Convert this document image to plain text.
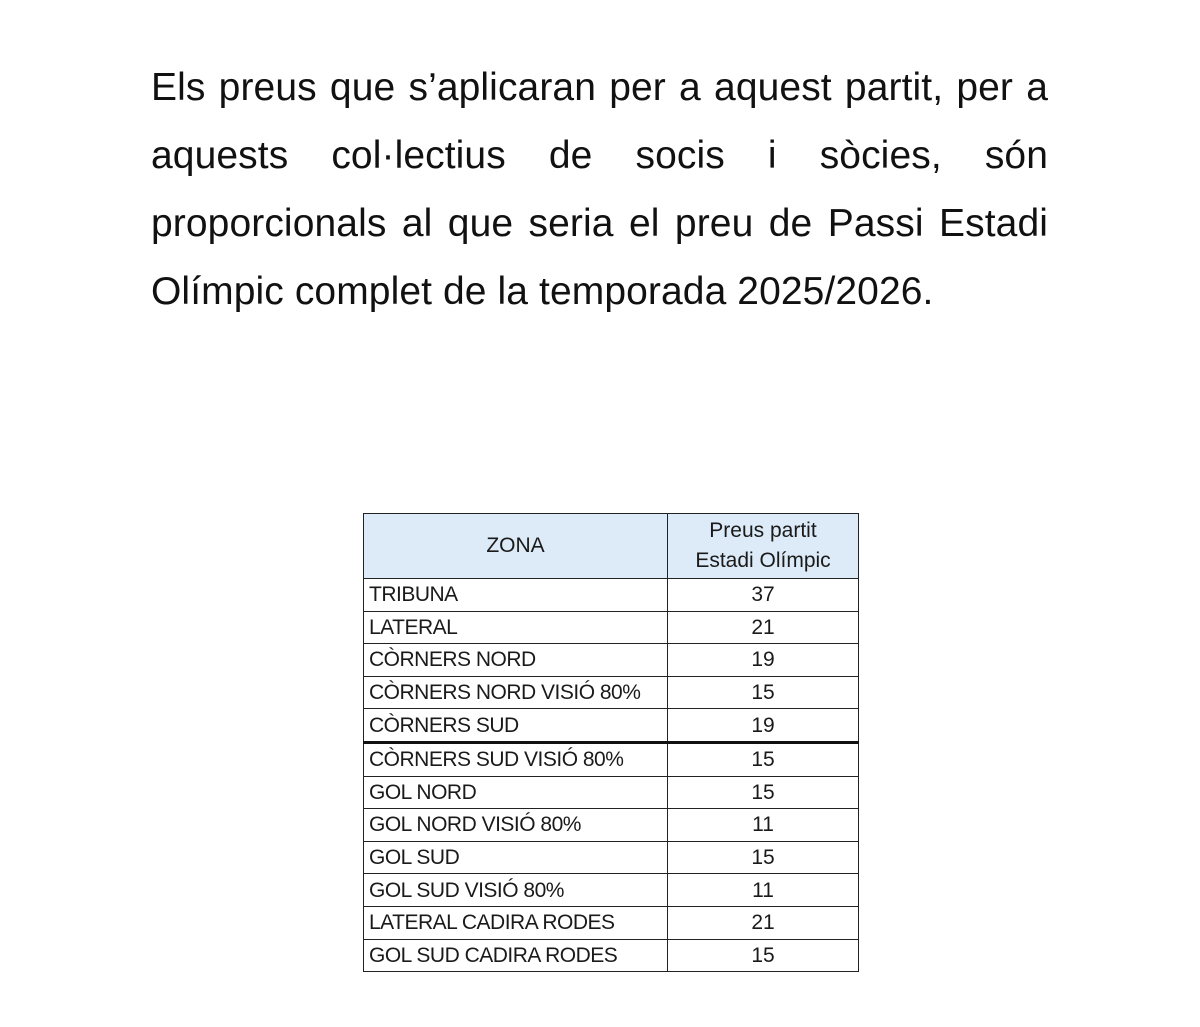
Els preus que s’aplicaran per a aquest partit, per a aquests col·lectius de socis i sòcies, són proporcionals al que seria el preu de Passi Estadi Olímpic complet de la temporada 2025/2026.

ZONA	Preus partit
Estadi Olímpic

TRIBUNA	37
LATERAL	21
CÒRNERS NORD	19
CÒRNERS NORD VISIÓ 80%	15
CÒRNERS SUD	19
CÒRNERS SUD VISIÓ 80%	15
GOL NORD	15
GOL NORD VISIÓ 80%	11
GOL SUD	15
GOL SUD VISIÓ 80%	11
LATERAL CADIRA RODES	21
GOL SUD CADIRA RODES	15
